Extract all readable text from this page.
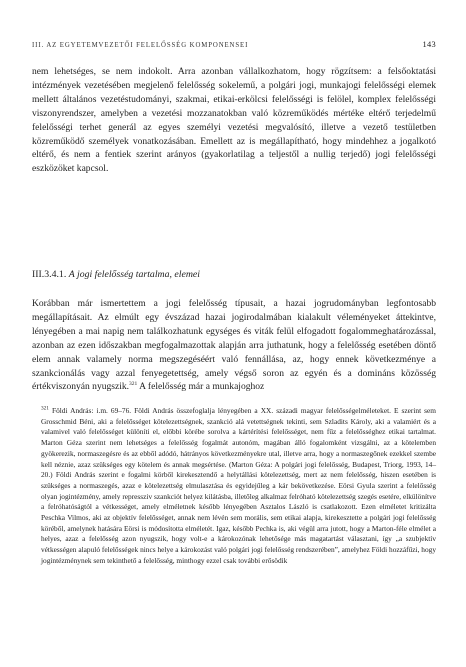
III. AZ EGYETEMVEZETŐI FELELŐSSÉG KOMPONENSEI	143

nem lehetséges, se nem indokolt. Arra azonban vállalkozhatom, hogy rögzítsem: a felsőoktatási intézmények vezetésében megjelenő felelősség sokelemű, a polgári jogi, munkajogi felelősségi elemek mellett általános vezetéstudományi, szakmai, etikai-erkölcsi felelősségi is felölel, komplex felelősségi viszonyrendszer, amelyben a vezetési mozzanatokban való közreműködés mértéke eltérő terjedelmű felelősségi terhet generál az egyes személyi vezetési megvalósító, illetve a vezető testületben közreműködő személyek vonatkozásában. Emellett az is megállapítható, hogy mindehhez a jogalkotó eltérő, és nem a fentiek szerint arányos (gyakorlatilag a teljestől a nullig terjedő) jogi felelősségi eszközöket kapcsol.

III.3.4.1. A jogi felelősség tartalma, elemei

Korábban már ismertettem a jogi felelősség típusait, a hazai jogrudományban legfontosabb megállapításait. Az elmúlt egy évszázad hazai jogirodalmában kialakult véleményeket áttekintve, lényegében a mai napig nem találkozhatunk egységes és viták felül elfogadott fogalommeghatározással, azonban az ezen időszakban megfogalmazottak alapján arra juthatunk, hogy a felelősség esetében döntő elem annak valamely norma megszegéséért való fennállása, az, hogy ennek következménye a szankcionálás vagy azzal fenyegetettség, amely végső soron az egyén és a domináns közösség értékviszonyán nyugszik.$^{321}$ A felelősség már a munkajoghoz

$^{321}$ Földi András: i.m. 69–76. Földi András összefoglalja lényegében a XX. századi magyar felelősségelméleteket. E szerint sem Grosschmid Béni, aki a felelősséget kötelezettségnek, szankció alá vetettségnek tekinti, sem Szladits Károly, aki a valamiért és a valamivel való felelősséget különíti el, előbbi körébe sorolva a kártérítési felelősséget, nem fűz a felelősséghez etikai tartalmat. Marton Géza szerint nem lehetséges a felelősség fogalmát autonóm, magában álló fogalomként vizsgálni, az a kötelemben gyökerezik, normaszegésre és az ebből adódó, hátrányos következményekre utal, illetve arra, hogy a normaszegőnek ezekkel szembe kell néznie, azaz szükséges egy kötelem és annak megsértése. (Marton Géza: A polgári jogi felelősség, Budapest, Triorg, 1993, 14–20.) Földi András szerint e fogalmi körből kirekesztendő a helytállási kötelezettség, mert az nem felelősség, hiszen esetében is szükséges a normaszegés, azaz e kötelezettség elmulasztása és egyidejűleg a kár bekövetkezése. Eörsi Gyula szerint a felelősség olyan jogintézmény, amely repressziv szankciót helyez kilátásba, illetőleg alkalmaz felróható kötelezettség szegés esetére, elkülönítve a felróhatóságtól a vétkességet, amely elméletnek később lényegében Asztalos László is csatlakozott. Ezen elméletet kritizálta Peschka Vilmos, aki az objektív felelősséget, annak nem lévén sem morális, sem etikai alapja, kirekesztette a polgári jogi felelősség köréből, amelynek hatására Eörsi is módosította elméletét. Igaz, később Pechka is, aki végül arra jutott, hogy a Marton-féle elmélet a helyes, azaz a felelősség azon nyugszik, hogy volt-e a károkozónak lehetősége más magatartást választani, így „a szubjektív vétkességen alapuló felelősségek nincs helye a károkozást való polgári jogi felelősség rendszerében”, amelyhez Földi hozzáfűzi, hogy jogintézménynek sem tekinthető a felelősség, minthogy ezzel csak további erősödik
